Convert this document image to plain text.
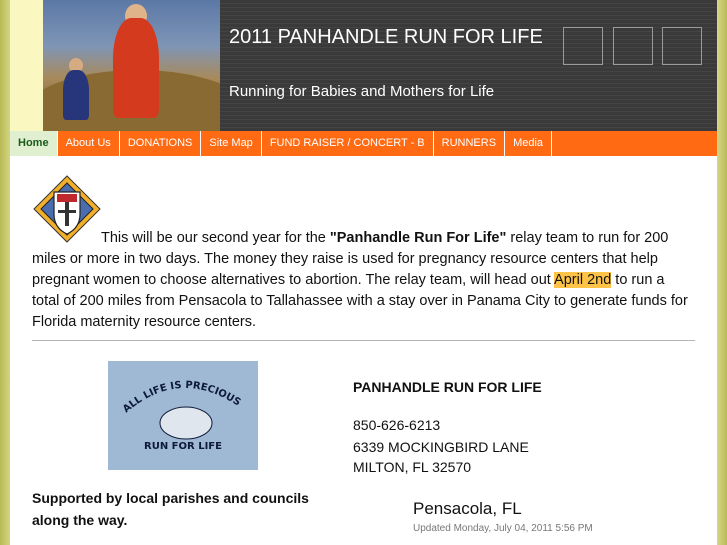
2011 PANHANDLE RUN FOR LIFE
Running for Babies and Mothers for Life
Home	About Us	DONATIONS	Site Map	FUND RAISER / CONCERT - B	RUNNERS	Media

This will be our second year for the "Panhandle Run For Life" relay team to run for 200 miles or more in two days. The money they raise is used for pregnancy resource centers that help pregnant women to choose alternatives to abortion. The relay team, will head out April 2nd to run a total of 200 miles from Pensacola to Tallahassee with a stay over in Panama City to generate funds for Florida maternity resource centers.

ALL LIFE IS PRECIOUS
RUN FOR LIFE

Supported by local parishes and councils along the way.

PANHANDLE RUN FOR LIFE
850-626-6213
6339 MOCKINGBIRD LANE
MILTON, FL 32570
Pensacola, FL
Updated Monday, July 04, 2011 5:56 PM
